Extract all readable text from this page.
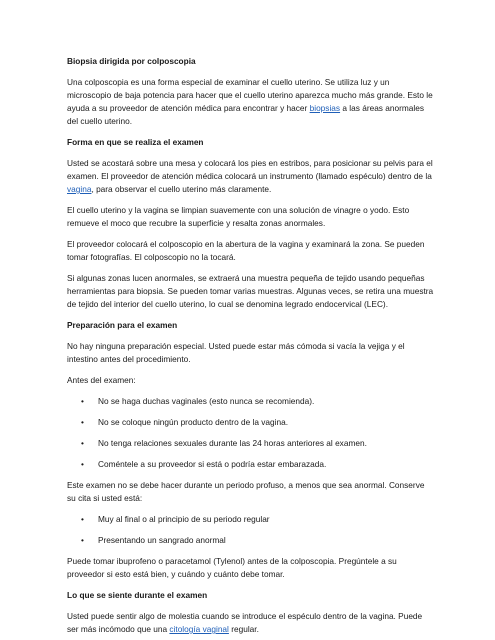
Biopsia dirigida por colposcopia

Una colposcopia es una forma especial de examinar el cuello uterino. Se utiliza luz y un microscopio de baja potencia para hacer que el cuello uterino aparezca mucho más grande. Esto le ayuda a su proveedor de atención médica para encontrar y hacer biopsias a las áreas anormales del cuello uterino.

Forma en que se realiza el examen

Usted se acostará sobre una mesa y colocará los pies en estribos, para posicionar su pelvis para el examen. El proveedor de atención médica colocará un instrumento (llamado espéculo) dentro de la vagina, para observar el cuello uterino más claramente.

El cuello uterino y la vagina se limpian suavemente con una solución de vinagre o yodo. Esto remueve el moco que recubre la superficie y resalta zonas anormales.

El proveedor colocará el colposcopio en la abertura de la vagina y examinará la zona. Se pueden tomar fotografías. El colposcopio no la tocará.

Si algunas zonas lucen anormales, se extraerá una muestra pequeña de tejido usando pequeñas herramientas para biopsia. Se pueden tomar varias muestras. Algunas veces, se retira una muestra de tejido del interior del cuello uterino, lo cual se denomina legrado endocervical (LEC).

Preparación para el examen

No hay ninguna preparación especial. Usted puede estar más cómoda si vacía la vejiga y el intestino antes del procedimiento.

Antes del examen:

• No se haga duchas vaginales (esto nunca se recomienda).
• No se coloque ningún producto dentro de la vagina.
• No tenga relaciones sexuales durante las 24 horas anteriores al examen.
• Coméntele a su proveedor si está o podría estar embarazada.

Este examen no se debe hacer durante un periodo profuso, a menos que sea anormal. Conserve su cita si usted está:

• Muy al final o al principio de su periodo regular
• Presentando un sangrado anormal

Puede tomar ibuprofeno o paracetamol (Tylenol) antes de la colposcopia. Pregúntele a su proveedor si esto está bien, y cuándo y cuánto debe tomar.

Lo que se siente durante el examen

Usted puede sentir algo de molestia cuando se introduce el espéculo dentro de la vagina. Puede ser más incómodo que una citología vaginal regular.
